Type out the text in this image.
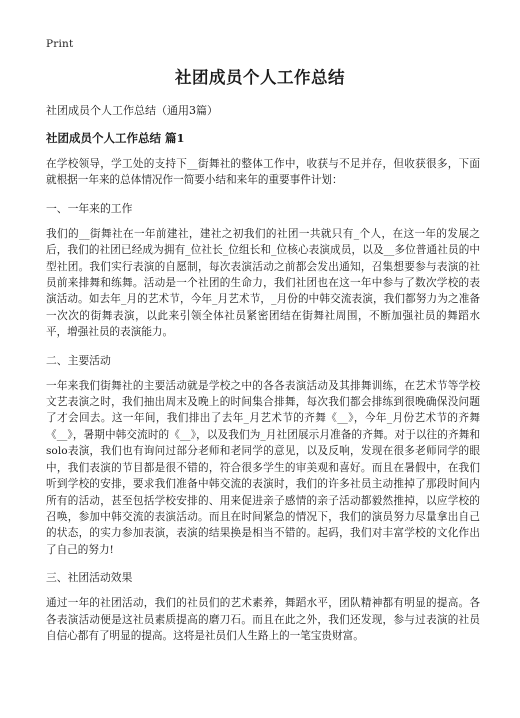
Print
社团成员个人工作总结
社团成员个人工作总结（通用3篇）
社团成员个人工作总结 篇1

在学校领导，学工处的支持下__街舞社的整体工作中，收获与不足并存，但收获很多，下面就根据一年来的总体情况作一简要小结和来年的重要事件计划：

一、一年来的工作

我们的__街舞社在一年前建社，建社之初我们的社团一共就只有_个人，在这一年的发展之后，我们的社团已经成为拥有_位社长_位组长和_位核心表演成员，以及__多位普通社员的中型社团。我们实行表演的自愿制，每次表演活动之前都会发出通知，召集想要参与表演的社员前来排舞和练舞。活动是一个社团的生命力，我们社团也在这一年中参与了数次学校的表演活动。如去年_月的艺术节，今年_月艺术节，_月份的中韩交流表演，我们都努力为之准备一次次的街舞表演，以此来引领全体社员紧密团结在街舞社周围，不断加强社员的舞蹈水平，增强社员的表演能力。

二、主要活动

一年来我们街舞社的主要活动就是学校之中的各各表演活动及其排舞训练，在艺术节等学校文艺表演之时，我们抽出周末及晚上的时间集合排舞，每次我们都会排练到很晚确保没问题了才会回去。这一年间，我们排出了去年_月艺术节的齐舞《__》，今年_月份艺术节的齐舞《__》，暑期中韩交流时的《__》，以及我们为_月社团展示月准备的齐舞。对于以往的齐舞和solo表演，我们也有询问过部分老师和老同学的意见，以及反响，发现在很多老师同学的眼中，我们表演的节目都是很不错的，符合很多学生的审美观和喜好。而且在暑假中，在我们听到学校的安排，要求我们准备中韩交流的表演时，我们的许多社员主动推掉了那段时间内所有的活动，甚至包括学校安排的、用来促进亲子感情的亲子活动都毅然推掉，以应学校的召唤，参加中韩交流的表演活动。而且在时间紧急的情况下，我们的演员努力尽量拿出自己的状态，的实力参加表演，表演的结果换是相当不错的。起码，我们对丰富学校的文化作出了自己的努力!

三、社团活动效果

通过一年的社团活动，我们的社员们的艺术素养，舞蹈水平，团队精神都有明显的提高。各各表演活动便是这社员素质提高的磨刀石。而且在此之外，我们还发现，参与过表演的社员自信心都有了明显的提高。这将是社员们人生路上的一笔宝贵财富。
